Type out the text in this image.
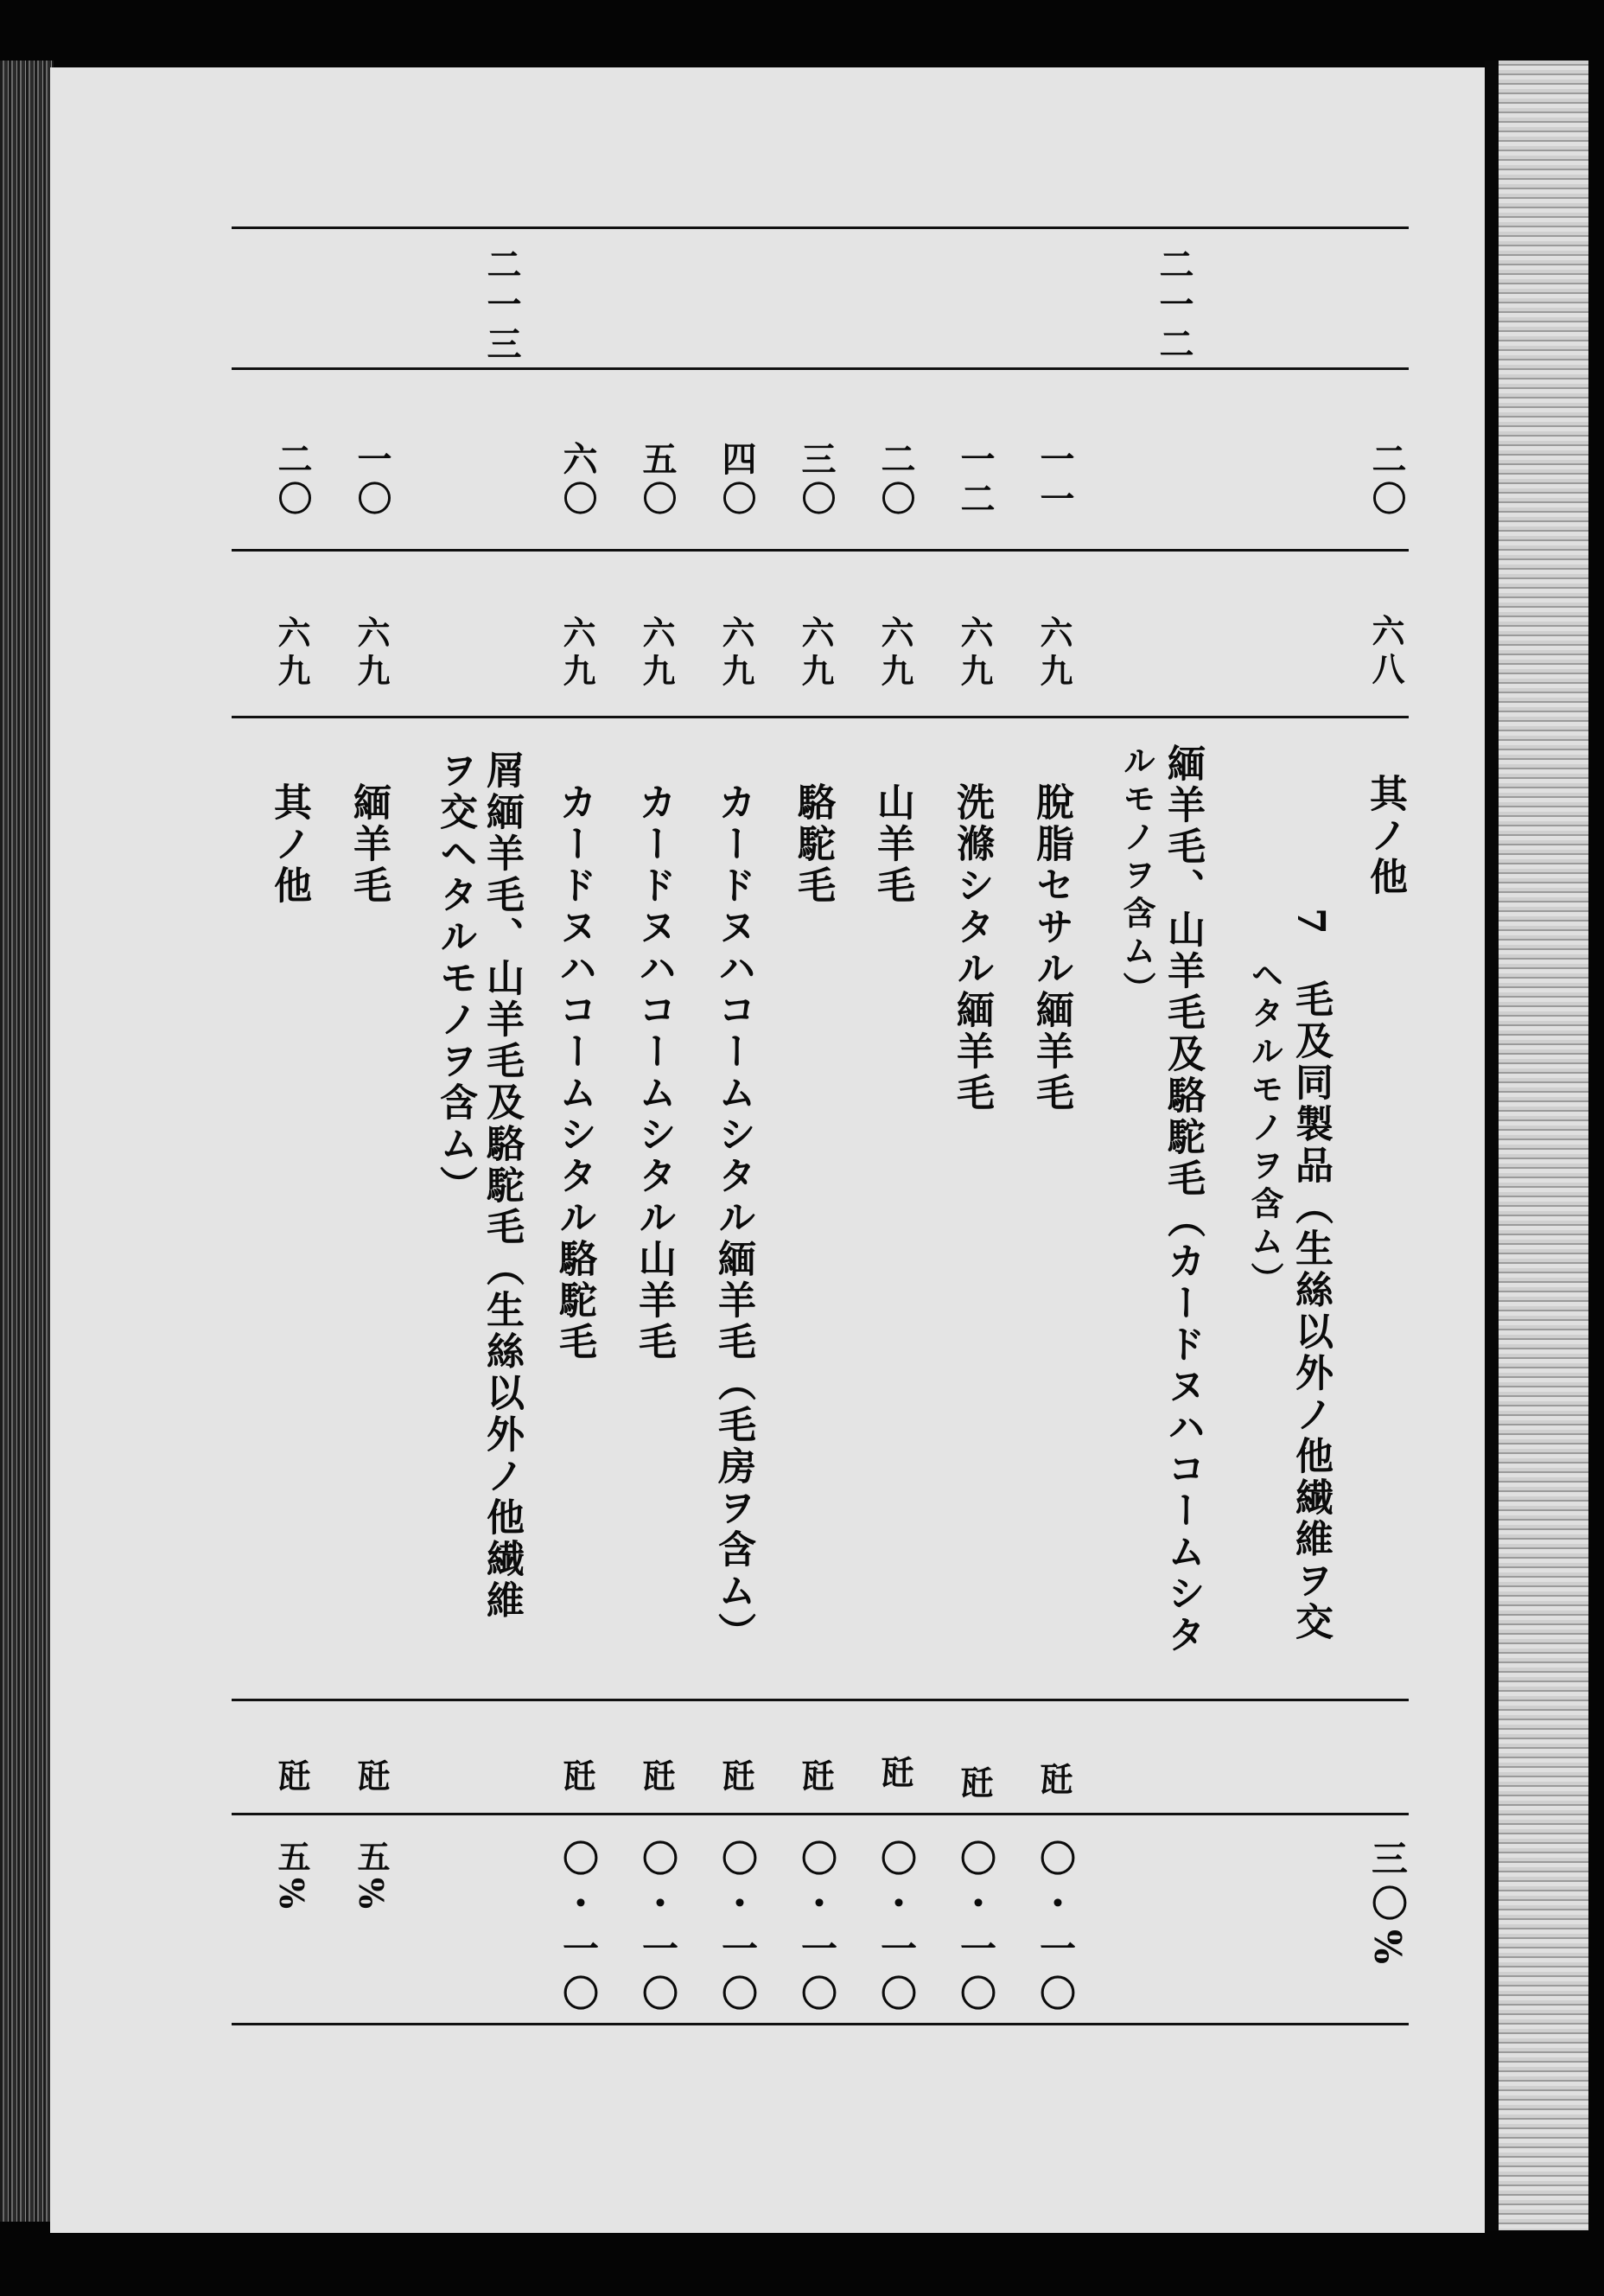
二一二
二一三
二〇
一一
一二
二〇
三〇
四〇
五〇
六〇
一〇
二〇
六八
六九
六九
六九
六九
六九
六九
六九
六九
六九
其ノ他
7　毛及同製品（生絲以外ノ他繊維ヲ交
ヘタルモノヲ含ム）
緬羊毛、山羊毛及駱駝毛（カードヌハコームシタ
ルモノヲ含ム）
脫脂セサル緬羊毛
洗滌シタル緬羊毛
山羊毛
駱駝毛
カードヌハコームシタル緬羊毛（毛房ヲ含ム）
カードヌハコームシタル山羊毛
カードヌハコームシタル駱駝毛
屑緬羊毛、山羊毛及駱駝毛（生絲以外ノ他繊維
ヲ交ヘタルモノヲ含ム）
緬羊毛
其ノ他
瓩
瓩
瓩
瓩
瓩
瓩
瓩
瓩
瓩
三〇%
〇・一〇
〇・一〇
〇・一〇
〇・一〇
〇・一〇
〇・一〇
〇・一〇
五%
五%
